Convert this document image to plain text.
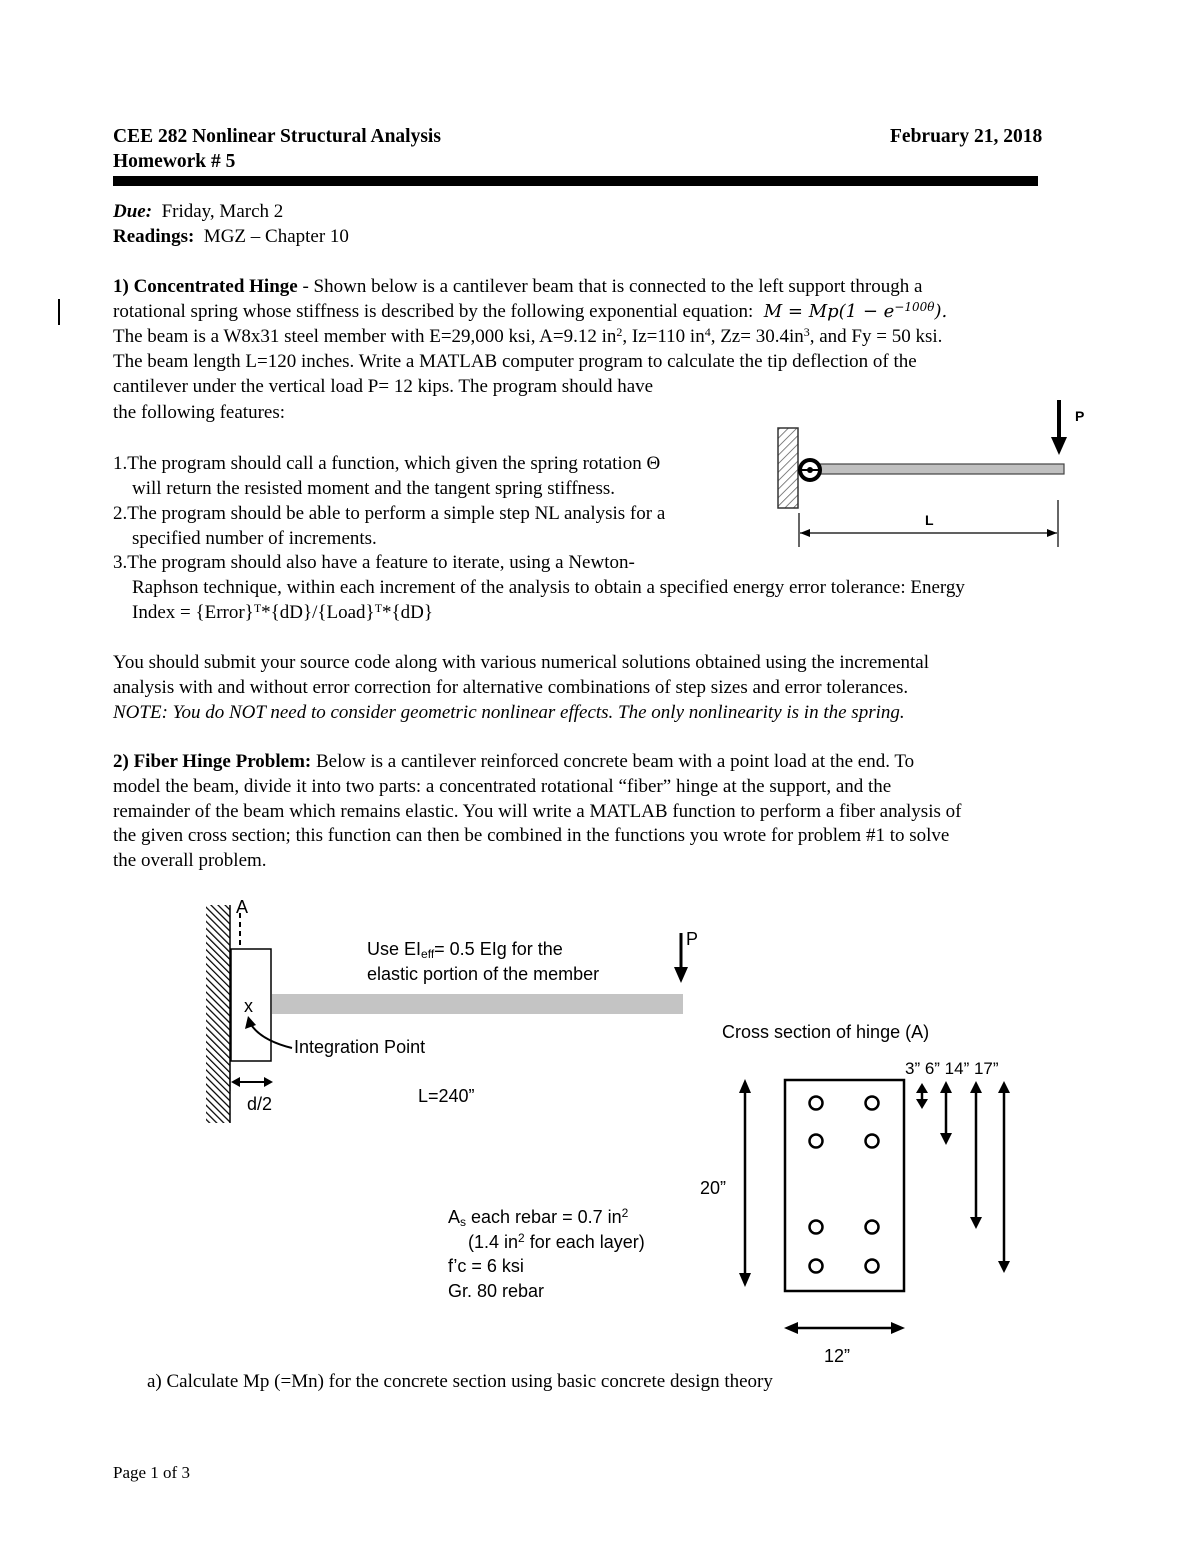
CEE 282 Nonlinear Structural Analysis	February 21, 2018
Homework # 5
Due: Friday, March 2
Readings: MGZ – Chapter 10
1) Concentrated Hinge - Shown below is a cantilever beam that is connected to the left support through a
rotational spring whose stiffness is described by the following exponential equation: $M = Mp(1 - e^{-100\theta})$.
The beam is a W8x31 steel member with E=29,000 ksi, A=9.12 $in^2$, Iz=110 $in^4$, $Zz= 30.4in^3$, and Fy = 50 ksi.
The beam length L=120 inches. Write a MATLAB computer program to calculate the tip deflection of the
cantilever under the vertical load P= 12 kips. The program should have
the following features:
1.The program should call a function, which given the spring rotation Θ
will return the resisted moment and the tangent spring stiffness.
2.The program should be able to perform a simple step NL analysis for a
specified number of increments.
3.The program should also have a feature to iterate, using a Newton-
Raphson technique, within each increment of the analysis to obtain a specified energy error tolerance: Energy
Index = {Error}$^T$*{dD}/{Load}$^T$*{dD}
You should submit your source code along with various numerical solutions obtained using the incremental
analysis with and without error correction for alternative combinations of step sizes and error tolerances.
NOTE: You do NOT need to consider geometric nonlinear effects. The only nonlinearity is in the spring.
P
L
2) Fiber Hinge Problem: Below is a cantilever reinforced concrete beam with a point load at the end. To
model the beam, divide it into two parts: a concentrated rotational “fiber” hinge at the support, and the
remainder of the beam which remains elastic. You will write a MATLAB function to perform a fiber analysis of
the given cross section; this function can then be combined in the functions you wrote for problem #1 to solve
the overall problem.
A
P
x
Use $EI_{eff}= 0.5$ EIg for the
elastic portion of the member
Integration Point
d/2	L=240”
Cross section of hinge (A)
3” 6” 14” 17”
20”
12”
$A_s$ each rebar = 0.7 $in^2$
(1.4 $in^2$ for each layer)
f’c = 6 ksi
Gr. 80 rebar
a) Calculate Mp (=Mn) for the concrete section using basic concrete design theory
Page 1 of 3
